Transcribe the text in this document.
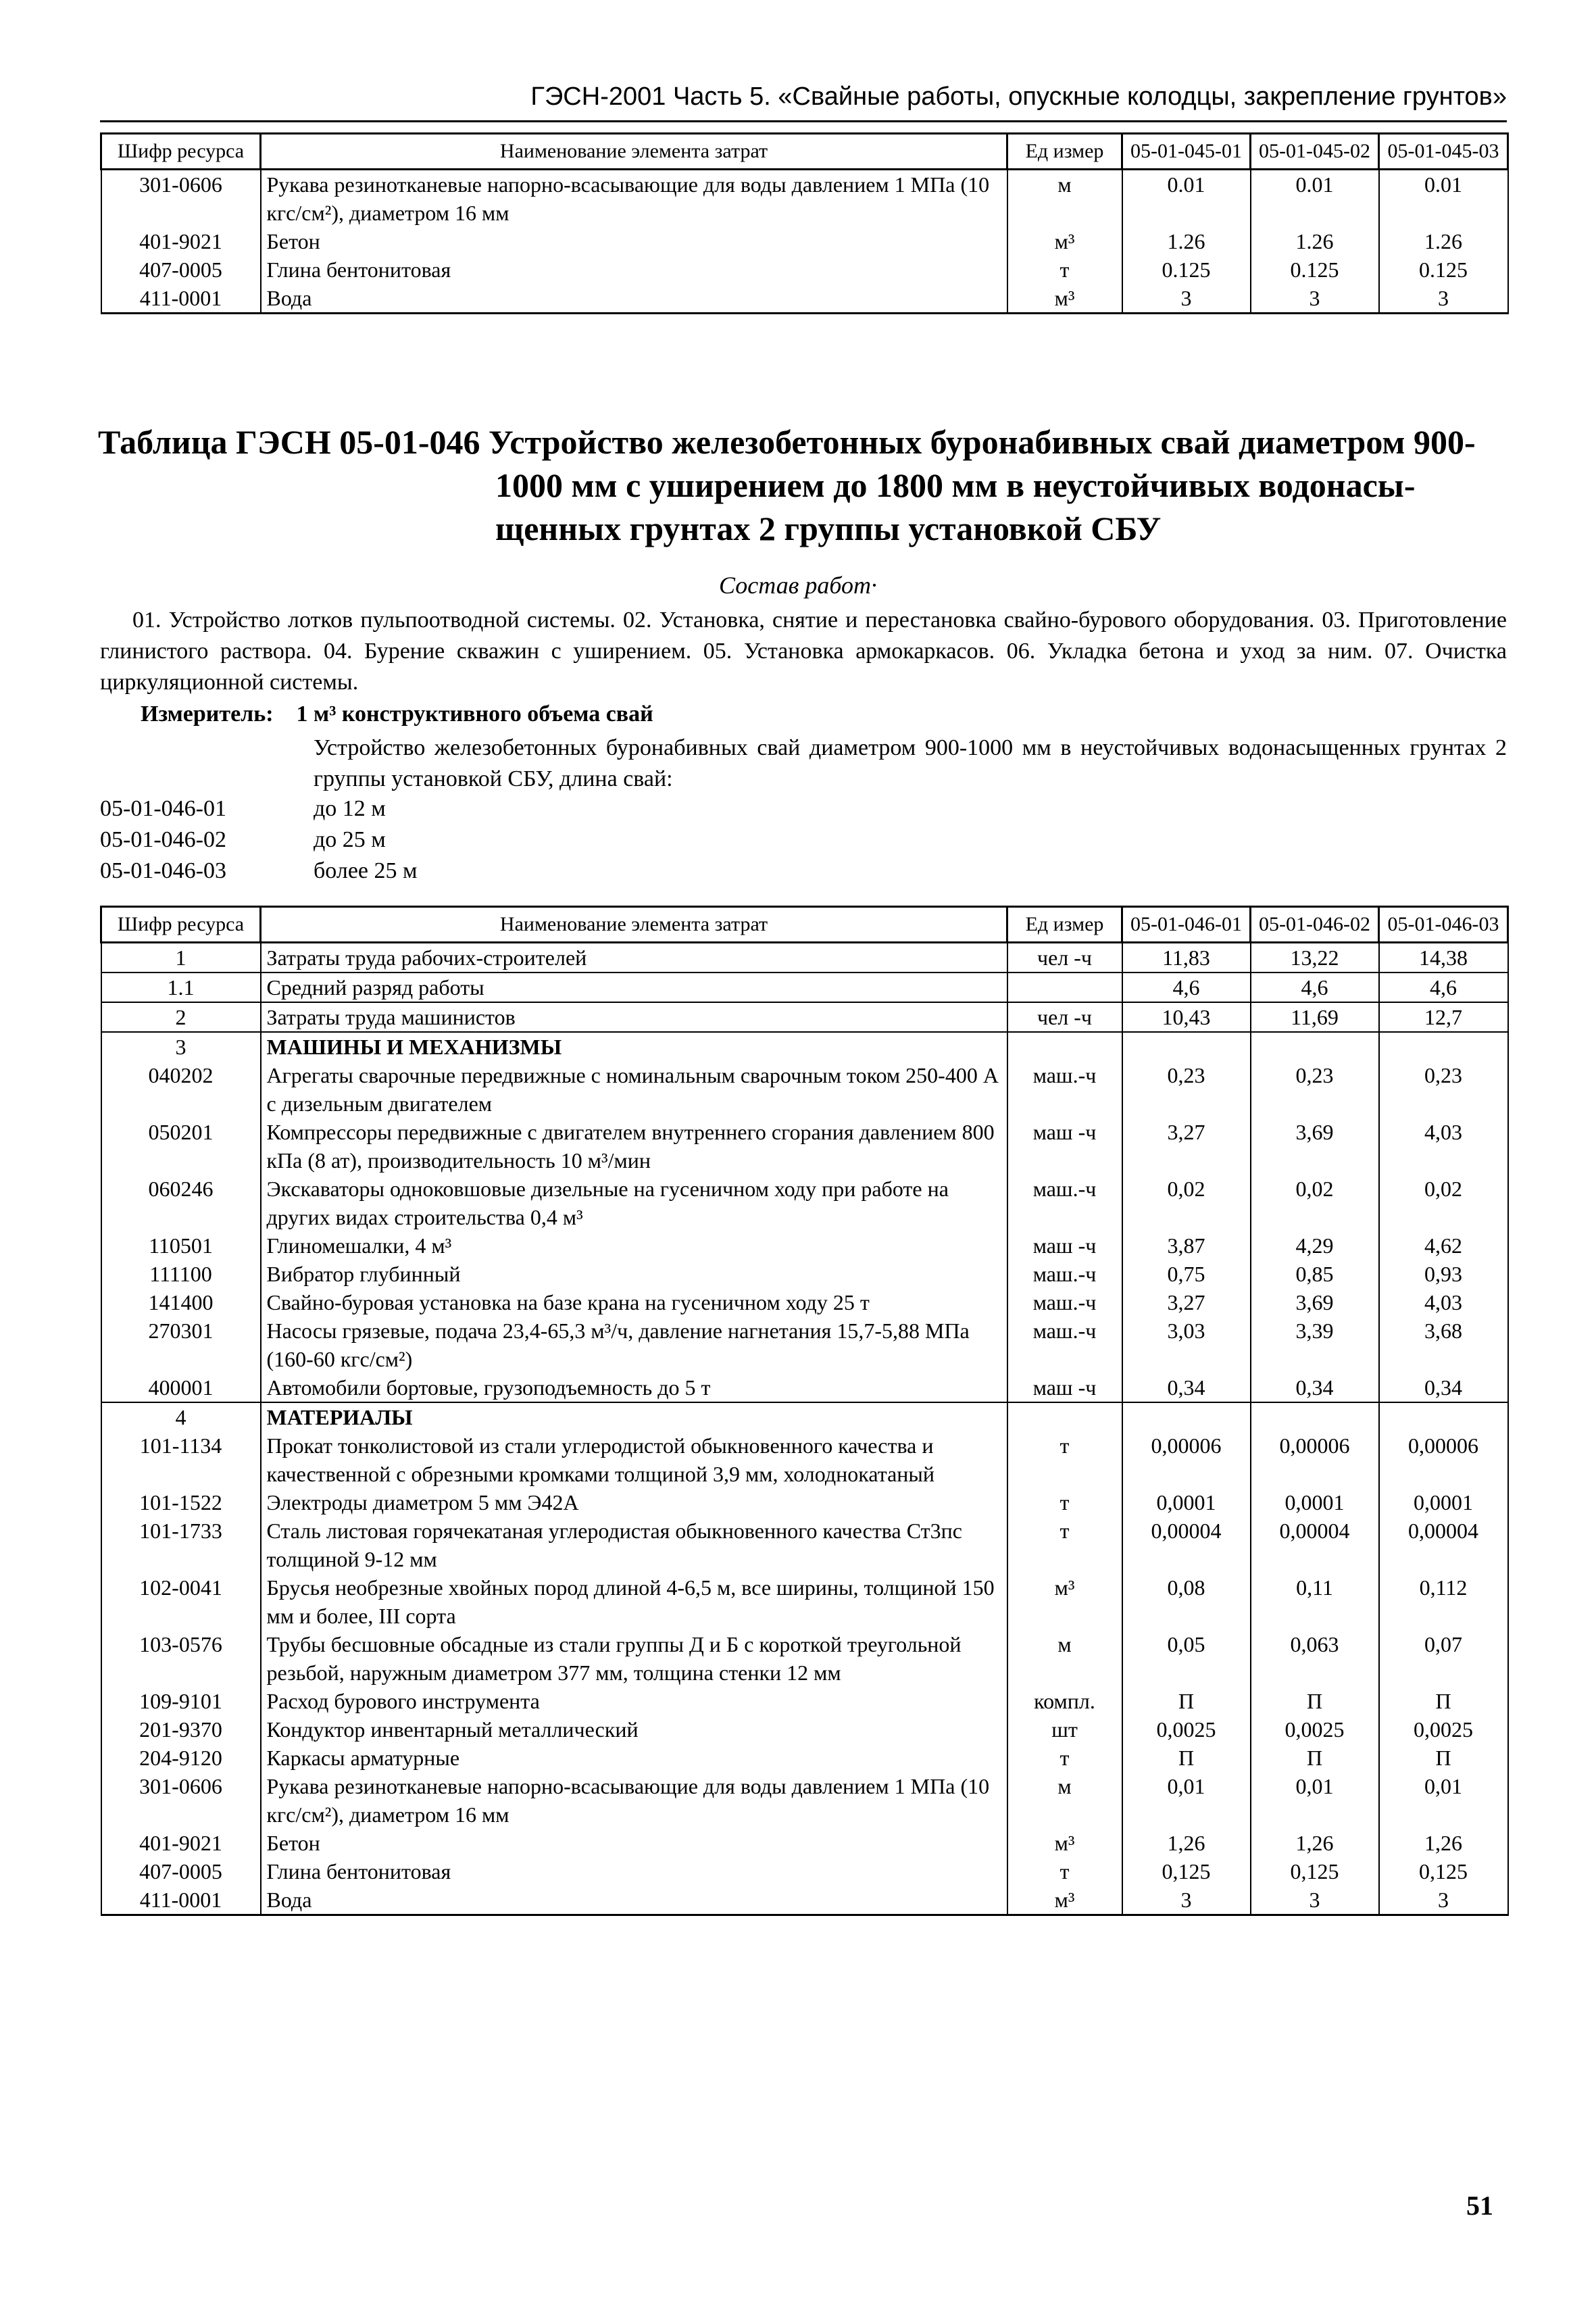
ГЭСН-2001 Часть 5. «Свайные работы, опускные колодцы, закрепление грунтов»
Шифр ресурса	Наименование элемента затрат	Ед измер	05-01-045-01	05-01-045-02	05-01-045-03
301-0606	Рукава резинотканевые напорно-всасывающие для воды давлением 1 МПа (10 кгс/см²), диаметром 16 мм	м	0.01	0.01	0.01
401-9021	Бетон	м³	1.26	1.26	1.26
407-0005	Глина бентонитовая	т	0.125	0.125	0.125
411-0001	Вода	м³	3	3	3
Таблица ГЭСН 05-01-046 Устройство железобетонных буронабивных свай диаметром 900-
1000 мм с уширением до 1800 мм в неустойчивых водонасы-
щенных грунтах 2 группы установкой СБУ
Состав работ·
01. Устройство лотков пульпоотводной системы. 02. Установка, снятие и перестановка свайно-бурового оборудования. 03. Приготовление глинистого раствора. 04. Бурение скважин с уширением. 05. Установка армокаркасов. 06. Укладка бетона и уход за ним. 07. Очистка циркуляционной системы.
Измеритель: 1 м³ конструктивного объема свай
Устройство железобетонных буронабивных свай диаметром 900-1000 мм в неустойчивых водонасыщенных грунтах 2 группы установкой СБУ, длина свай:
05-01-046-01	до 12 м
05-01-046-02	до 25 м
05-01-046-03	более 25 м
Шифр ресурса	Наименование элемента затрат	Ед измер	05-01-046-01	05-01-046-02	05-01-046-03
1	Затраты труда рабочих-строителей	чел -ч	11,83	13,22	14,38
1.1	Средний разряд работы		4,6	4,6	4,6
2	Затраты труда машинистов	чел -ч	10,43	11,69	12,7
3	МАШИНЫ И МЕХАНИЗМЫ				
040202	Агрегаты сварочные передвижные с номинальным сварочным током 250-400 А с дизельным двигателем	маш.-ч	0,23	0,23	0,23
050201	Компрессоры передвижные с двигателем внутреннего сгорания давлением 800 кПа (8 ат), производительность 10 м³/мин	маш -ч	3,27	3,69	4,03
060246	Экскаваторы одноковшовые дизельные на гусеничном ходу при работе на других видах строительства 0,4 м³	маш.-ч	0,02	0,02	0,02
110501	Глиномешалки, 4 м³	маш -ч	3,87	4,29	4,62
111100	Вибратор глубинный	маш.-ч	0,75	0,85	0,93
141400	Свайно-буровая установка на базе крана на гусеничном ходу 25 т	маш.-ч	3,27	3,69	4,03
270301	Насосы грязевые, подача 23,4-65,3 м³/ч, давление нагнетания 15,7-5,88 МПа (160-60 кгс/см²)	маш.-ч	3,03	3,39	3,68
400001	Автомобили бортовые, грузоподъемность до 5 т	маш -ч	0,34	0,34	0,34
4	МАТЕРИАЛЫ				
101-1134	Прокат тонколистовой из стали углеродистой обыкновенного качества и качественной с обрезными кромками толщиной 3,9 мм, холоднокатаный	т	0,00006	0,00006	0,00006
101-1522	Электроды диаметром 5 мм Э42А	т	0,0001	0,0001	0,0001
101-1733	Сталь листовая горячекатаная углеродистая обыкновенного качества Ст3пс толщиной 9-12 мм	т	0,00004	0,00004	0,00004
102-0041	Брусья необрезные хвойных пород длиной 4-6,5 м, все ширины, толщиной 150 мм и более, III сорта	м³	0,08	0,11	0,112
103-0576	Трубы бесшовные обсадные из стали группы Д и Б с короткой треугольной резьбой, наружным диаметром 377 мм, толщина стенки 12 мм	м	0,05	0,063	0,07
109-9101	Расход бурового инструмента	компл.	П	П	П
201-9370	Кондуктор инвентарный металлический	шт	0,0025	0,0025	0,0025
204-9120	Каркасы арматурные	т	П	П	П
301-0606	Рукава резинотканевые напорно-всасывающие для воды давлением 1 МПа (10 кгс/см²), диаметром 16 мм	м	0,01	0,01	0,01
401-9021	Бетон	м³	1,26	1,26	1,26
407-0005	Глина бентонитовая	т	0,125	0,125	0,125
411-0001	Вода	м³	3	3	3
51
